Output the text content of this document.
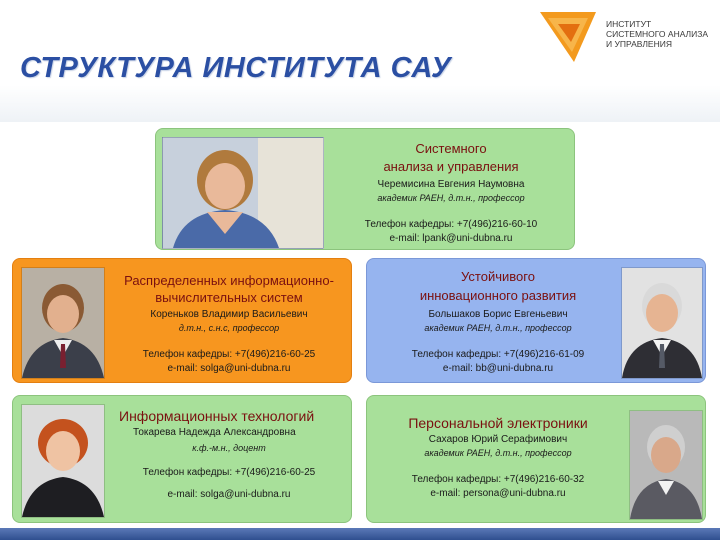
СТРУКТУРА ИНСТИТУТА САУ
ИНСТИТУТ
СИСТЕМНОГО АНАЛИЗА
И УПРАВЛЕНИЯ
Системного
анализа и управления
Черемисина Евгения Наумовна
академик РАЕН, д.т.н., профессор
Телефон кафедры: +7(496)216-60-10
e-mail: lpank@uni-dubna.ru
Распределенных информационно-
вычислительных систем
Кореньков Владимир Васильевич
д.т.н., с.н.с, профессор
Телефон кафедры: +7(496)216-60-25
e-mail: solga@uni-dubna.ru
Устойчивого
инновационного развития
Большаков Борис Евгеньевич
академик РАЕН, д.т.н., профессор
Телефон кафедры: +7(496)216-61-09
e-mail: bb@uni-dubna.ru
Информационных технологий
Токарева Надежда Александровна
к.ф.-м.н., доцент
Телефон кафедры: +7(496)216-60-25
e-mail: solga@uni-dubna.ru
Персональной электроники
Сахаров Юрий Серафимович
академик РАЕН, д.т.н., профессор
Телефон кафедры: +7(496)216-60-32
e-mail: persona@uni-dubna.ru
